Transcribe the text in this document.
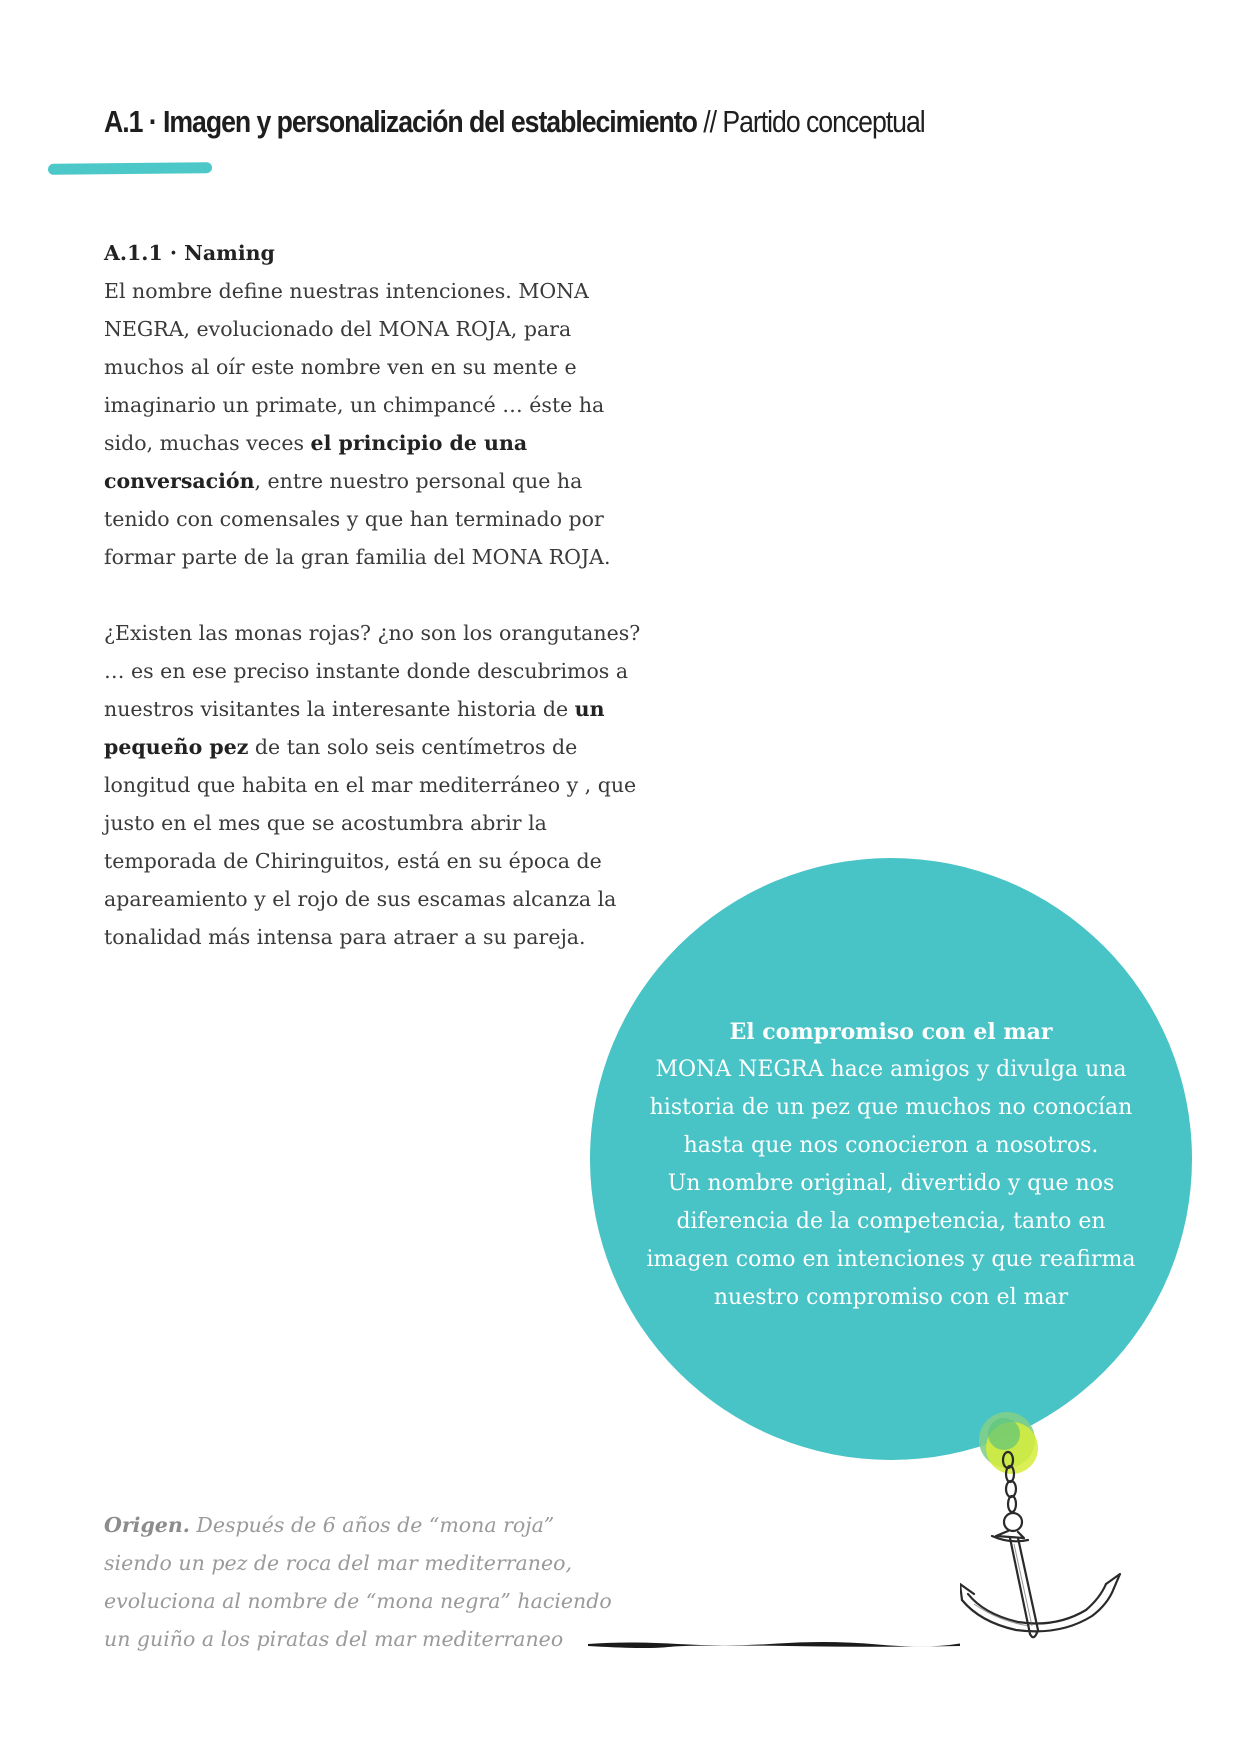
A.1 · Imagen y personalización del establecimiento // Partido conceptual
A.1.1 · Naming

El nombre define nuestras intenciones. MONA NEGRA, evolucionado del MONA ROJA, para muchos al oír este nombre ven en su mente e imaginario un primate, un chimpancé … éste ha sido, muchas veces el principio de una conversación, entre nuestro personal que ha tenido con comensales y que han terminado por formar parte de la gran familia del MONA ROJA.

¿Existen las monas rojas? ¿no son los orangutanes? … es en ese preciso instante donde descubrimos a nuestros visitantes la interesante historia de un pequeño pez de tan solo seis centímetros de longitud que habita en el mar mediterráneo y , que justo en el mes que se acostumbra abrir la temporada de Chiringuitos, está en su época de apareamiento y el rojo de sus escamas alcanza la tonalidad más intensa para atraer a su pareja.

El compromiso con el mar
MONA NEGRA hace amigos y divulga una
historia de un pez que muchos no conocían
hasta que nos conocieron a nosotros.
Un nombre original, divertido y que nos
diferencia de la competencia, tanto en
imagen como en intenciones y que reafirma
nuestro compromiso con el mar
Origen. Después de 6 años de “mona roja” siendo un pez de roca del mar mediterraneo, evoluciona al nombre de “mona negra” haciendo un guiño a los piratas del mar mediterraneo
